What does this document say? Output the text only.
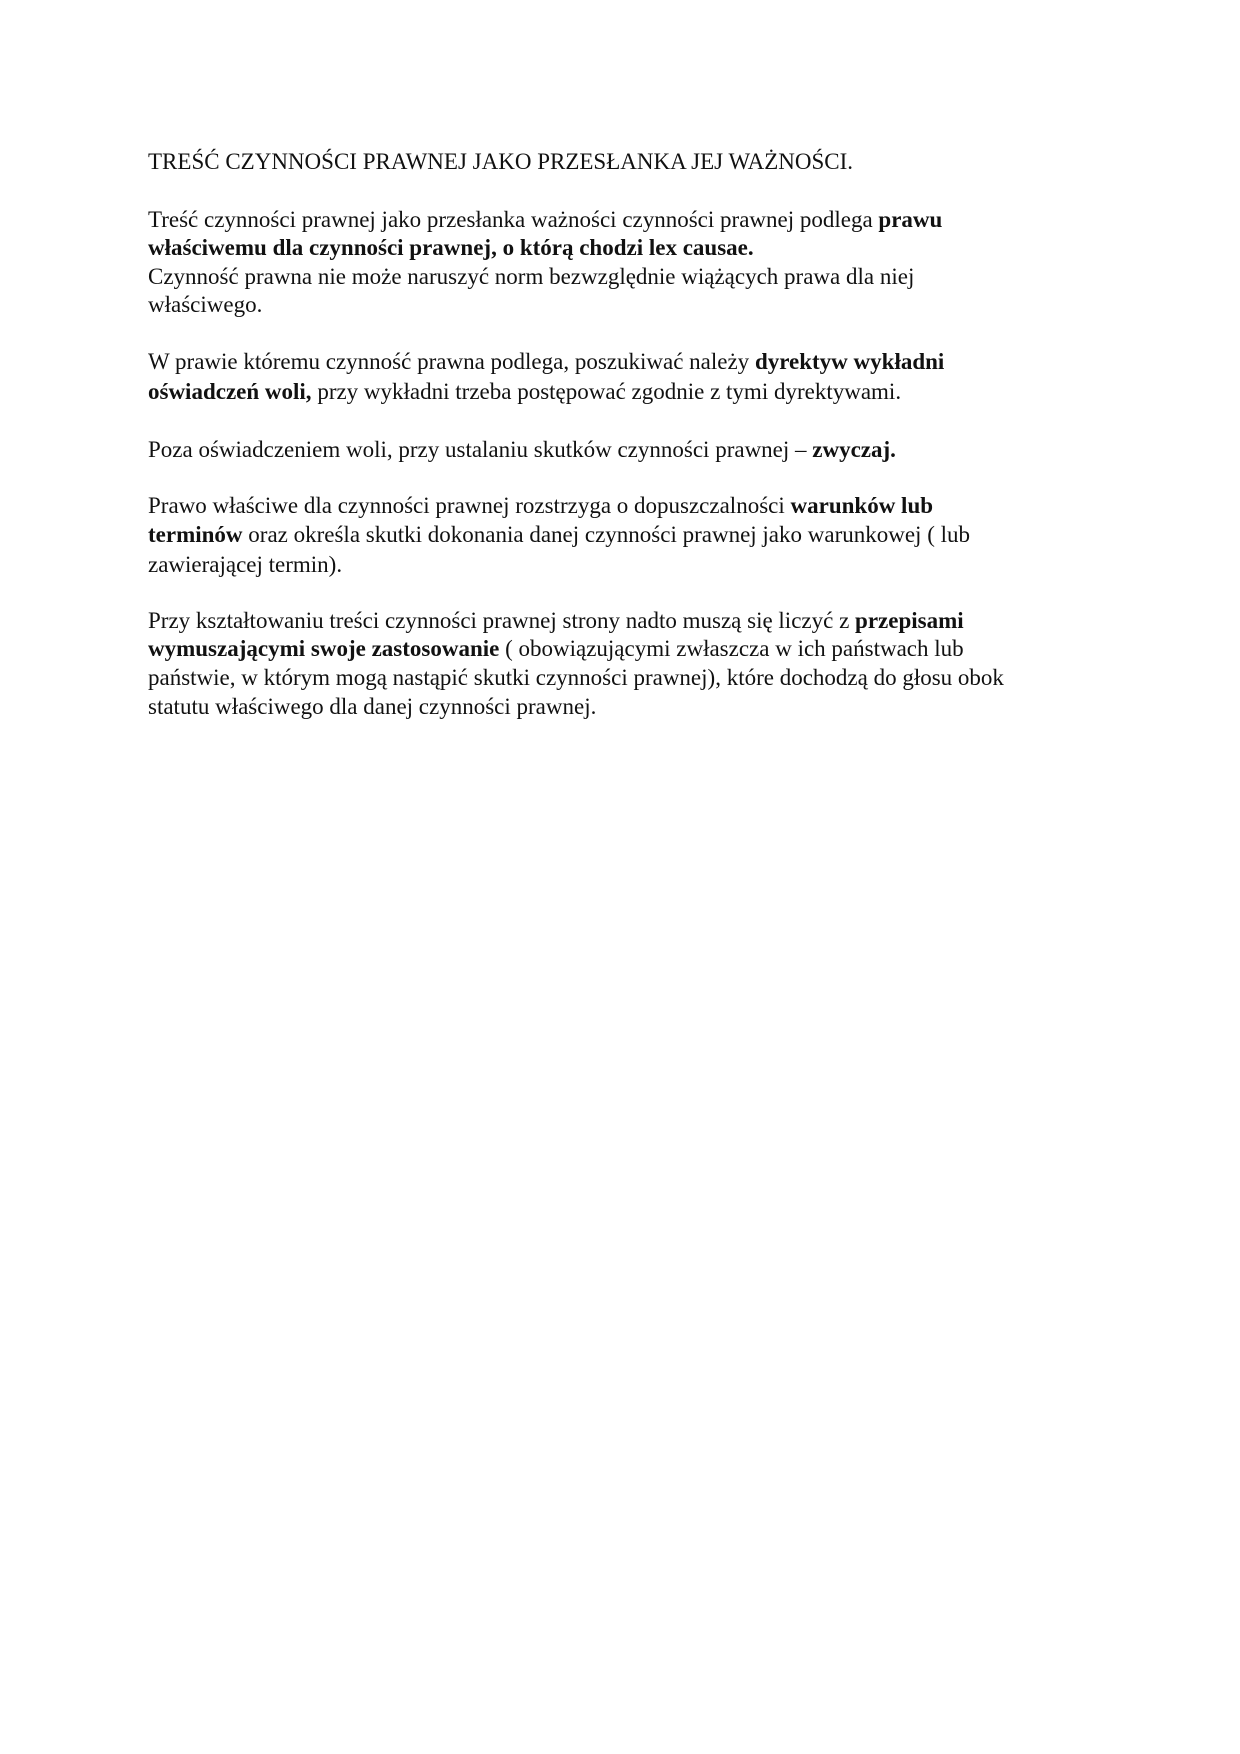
TREŚĆ CZYNNOŚCI PRAWNEJ JAKO PRZESŁANKA JEJ WAŻNOŚCI.
Treść czynności prawnej jako przesłanka ważności czynności prawnej podlega prawu
właściwemu dla czynności prawnej, o którą chodzi lex causae.
Czynność prawna nie może naruszyć norm bezwzględnie wiążących prawa dla niej
właściwego.
W prawie któremu czynność prawna podlega, poszukiwać należy dyrektyw wykładni
oświadczeń woli, przy wykładni trzeba postępować zgodnie z tymi dyrektywami.
Poza oświadczeniem woli, przy ustalaniu skutków czynności prawnej – zwyczaj.
Prawo właściwe dla czynności prawnej rozstrzyga o dopuszczalności warunków lub
terminów oraz określa skutki dokonania danej czynności prawnej jako warunkowej ( lub
zawierającej termin).
Przy kształtowaniu treści czynności prawnej strony nadto muszą się liczyć z przepisami
wymuszającymi swoje zastosowanie ( obowiązującymi zwłaszcza w ich państwach lub
państwie, w którym mogą nastąpić skutki czynności prawnej), które dochodzą do głosu obok
statutu właściwego dla danej czynności prawnej.
